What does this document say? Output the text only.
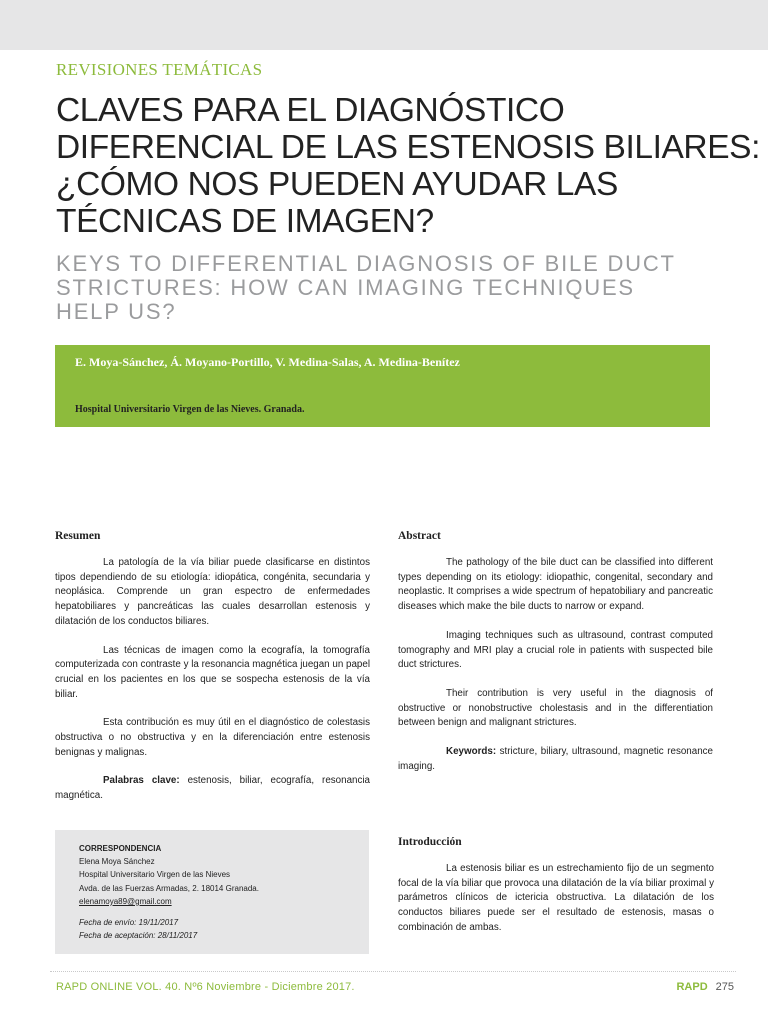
REVISIONES TEMÁTICAS
CLAVES PARA EL DIAGNÓSTICO
DIFERENCIAL DE LAS ESTENOSIS BILIARES:
¿CÓMO NOS PUEDEN AYUDAR LAS
TÉCNICAS DE IMAGEN?
KEYS TO DIFFERENTIAL DIAGNOSIS OF BILE DUCT
STRICTURES: HOW CAN IMAGING TECHNIQUES
HELP US?
E. Moya-Sánchez, Á. Moyano-Portillo, V. Medina-Salas, A. Medina-Benítez
Hospital Universitario Virgen de las Nieves. Granada.
Resumen

La patología de la vía biliar puede clasificarse en distintos tipos dependiendo de su etiología: idiopática, congénita, secundaria y neoplásica. Comprende un gran espectro de enfermedades hepatobiliares y pancreáticas las cuales desarrollan estenosis y dilatación de los conductos biliares.

Las técnicas de imagen como la ecografía, la tomografía computerizada con contraste y la resonancia magnética juegan un papel crucial en los pacientes en los que se sospecha estenosis de la vía biliar.

Esta contribución es muy útil en el diagnóstico de colestasis obstructiva o no obstructiva y en la diferenciación entre estenosis benignas y malignas.

Palabras clave: estenosis, biliar, ecografía, resonancia magnética.

Abstract

The pathology of the bile duct can be classified into different types depending on its etiology: idiopathic, congenital, secondary and neoplastic. It comprises a wide spectrum of hepatobiliary and pancreatic diseases which make the bile ducts to narrow or expand.

Imaging techniques such as ultrasound, contrast computed tomography and MRI play a crucial role in patients with suspected bile duct strictures.

Their contribution is very useful in the diagnosis of obstructive or nonobstructive cholestasis and in the differentiation between benign and malignant strictures.

Keywords: stricture, biliary, ultrasound, magnetic resonance imaging.

CORRESPONDENCIA
Elena Moya Sánchez
Hospital Universitario Virgen de las Nieves
Avda. de las Fuerzas Armadas, 2. 18014 Granada.
elenamoya89@gmail.com
Fecha de envío: 19/11/2017
Fecha de aceptación: 28/11/2017
Introducción

La estenosis biliar es un estrechamiento fijo de un segmento focal de la vía biliar que provoca una dilatación de la vía biliar proximal y parámetros clínicos de ictericia obstructiva. La dilatación de los conductos biliares puede ser el resultado de estenosis, masas o combinación de ambas.

RAPD ONLINE VOL. 40. Nº6 Noviembre - Diciembre 2017.	RAPD 275
